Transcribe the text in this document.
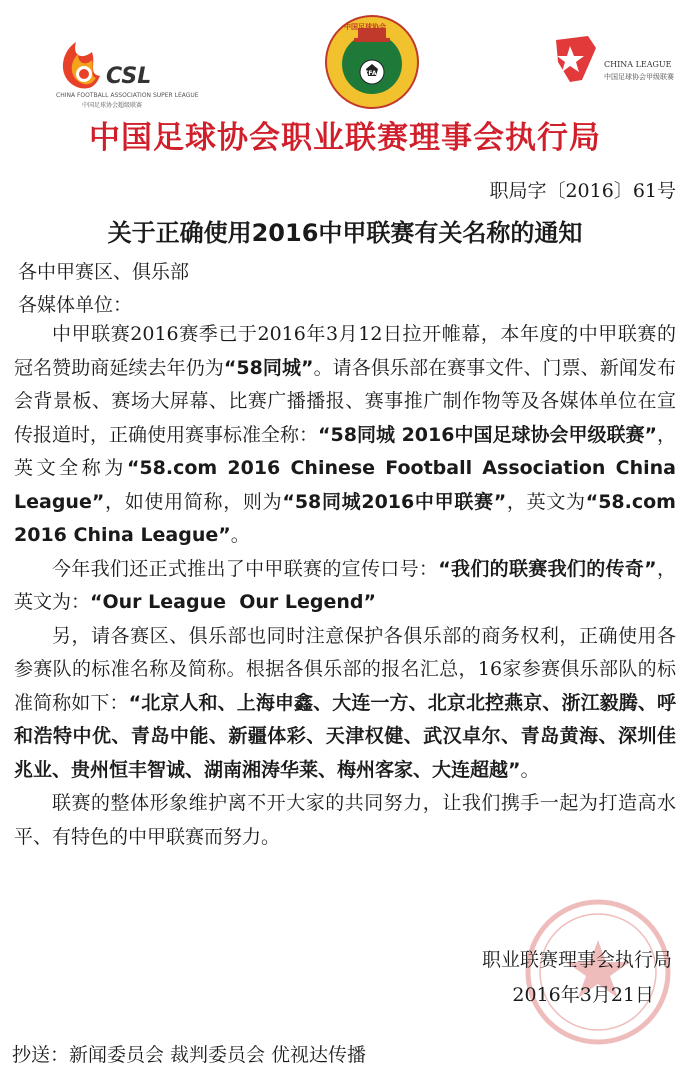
CSL
CHINA FOOTBALL ASSOCIATION SUPER LEAGUE
中国足球协会超级联赛
中国足球协会
CFA
CHINA LEAGUE
中国足球协会甲级联赛
中国足球协会职业联赛理事会执行局
职局字〔2016〕61号
关于正确使用2016中甲联赛有关名称的通知
各中甲赛区、俱乐部
各媒体单位：

中甲联赛2016赛季已于2016年3月12日拉开帷幕，本年度的中甲联赛的冠名赞助商延续去年仍为“58同城”。请各俱乐部在赛事文件、门票、新闻发布会背景板、赛场大屏幕、比赛广播播报、赛事推广制作物等及各媒体单位在宣传报道时，正确使用赛事标准全称：“58同城 2016中国足球协会甲级联赛”，英文全称为“58.com 2016 Chinese Football Association China League”，如使用简称，则为“58同城2016中甲联赛”，英文为“58.com 2016 China League”。

今年我们还正式推出了中甲联赛的宣传口号：“我们的联赛我们的传奇”，英文为：“Our League  Our Legend”

另，请各赛区、俱乐部也同时注意保护各俱乐部的商务权利，正确使用各参赛队的标准名称及简称。根据各俱乐部的报名汇总，16家参赛俱乐部队的标准简称如下：“北京人和、上海申鑫、大连一方、北京北控燕京、浙江毅腾、呼和浩特中优、青岛中能、新疆体彩、天津权健、武汉卓尔、青岛黄海、深圳佳兆业、贵州恒丰智诚、湖南湘涛华莱、梅州客家、大连超越”。

联赛的整体形象维护离不开大家的共同努力，让我们携手一起为打造高水平、有特色的中甲联赛而努力。

职业联赛理事会执行局
2016年3月21日
抄送：新闻委员会 裁判委员会 优视达传播
